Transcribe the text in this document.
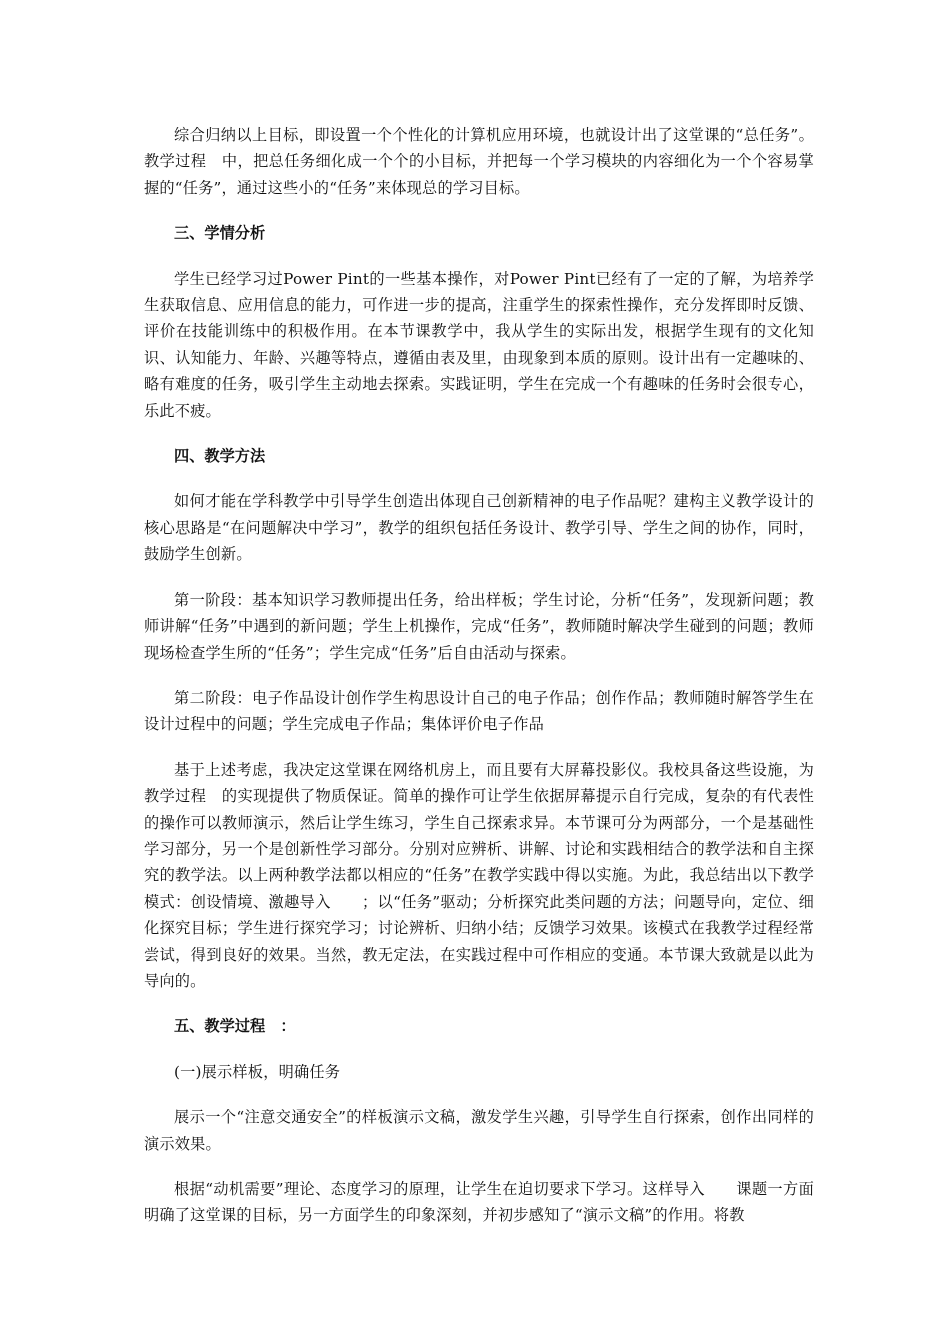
综合归纳以上目标，即设置一个个性化的计算机应用环境，也就设计出了这堂课的“总任务”。教学过程　中，把总任务细化成一个个的小目标，并把每一个学习模块的内容细化为一个个容易掌握的“任务”，通过这些小的“任务”来体现总的学习目标。

三、学情分析

学生已经学习过Power Pint的一些基本操作，对Power Pint已经有了一定的了解，为培养学生获取信息、应用信息的能力，可作进一步的提高，注重学生的探索性操作，充分发挥即时反馈、评价在技能训练中的积极作用。在本节课教学中，我从学生的实际出发，根据学生现有的文化知识、认知能力、年龄、兴趣等特点，遵循由表及里，由现象到本质的原则。设计出有一定趣味的、略有难度的任务，吸引学生主动地去探索。实践证明，学生在完成一个有趣味的任务时会很专心，乐此不疲。

四、教学方法

如何才能在学科教学中引导学生创造出体现自己创新精神的电子作品呢？建构主义教学设计的核心思路是“在问题解决中学习”，教学的组织包括任务设计、教学引导、学生之间的协作，同时，鼓励学生创新。

第一阶段：基本知识学习教师提出任务，给出样板；学生讨论，分析“任务”，发现新问题；教师讲解“任务”中遇到的新问题；学生上机操作，完成“任务”，教师随时解决学生碰到的问题；教师现场检查学生所的“任务”；学生完成“任务”后自由活动与探索。

第二阶段：电子作品设计创作学生构思设计自己的电子作品；创作作品；教师随时解答学生在设计过程中的问题；学生完成电子作品；集体评价电子作品

基于上述考虑，我决定这堂课在网络机房上，而且要有大屏幕投影仪。我校具备这些设施，为教学过程　的实现提供了物质保证。简单的操作可让学生依据屏幕提示自行完成，复杂的有代表性的操作可以教师演示，然后让学生练习，学生自己探索求异。本节课可分为两部分，一个是基础性学习部分，另一个是创新性学习部分。分别对应辨析、讲解、讨论和实践相结合的教学法和自主探究的教学法。以上两种教学法都以相应的“任务”在教学实践中得以实施。为此，我总结出以下教学模式：创设情境、激趣导入　　；以“任务”驱动；分析探究此类问题的方法；问题导向，定位、细化探究目标；学生进行探究学习；讨论辨析、归纳小结；反馈学习效果。该模式在我教学过程经常尝试，得到良好的效果。当然，教无定法，在实践过程中可作相应的变通。本节课大致就是以此为导向的。

五、教学过程　：

(一)展示样板，明确任务

展示一个“注意交通安全”的样板演示文稿，激发学生兴趣，引导学生自行探索，创作出同样的演示效果。

根据“动机需要”理论、态度学习的原理，让学生在迫切要求下学习。这样导入　　课题一方面明确了这堂课的目标，另一方面学生的印象深刻，并初步感知了“演示文稿”的作用。将教
